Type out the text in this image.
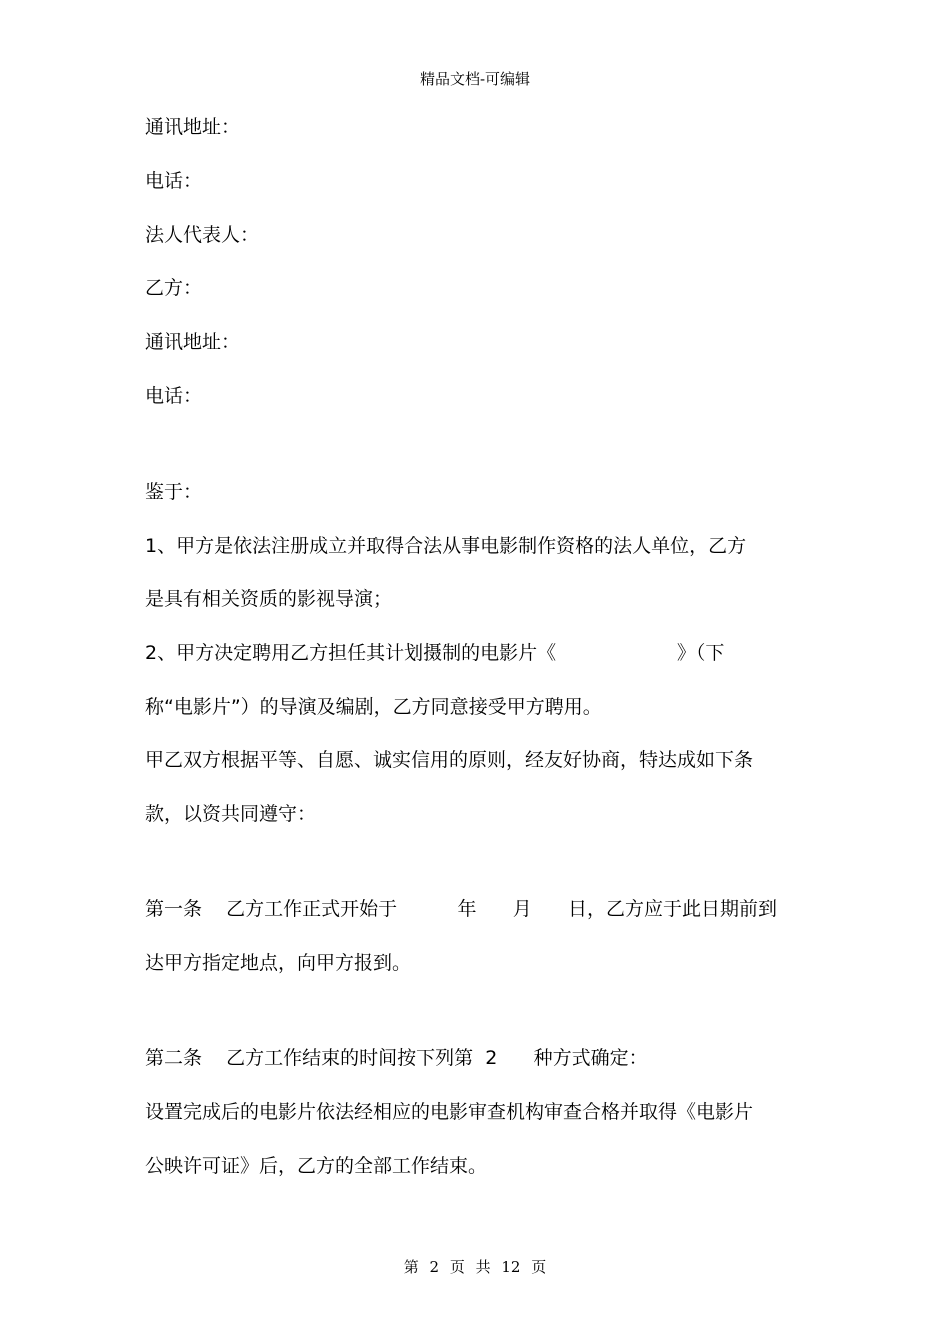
精品文档-可编辑
通讯地址：
电话：
法人代表人：
乙方：
通讯地址：
电话：
鉴于：
1、甲方是依法注册成立并取得合法从事电影制作资格的法人单位，乙方
是具有相关资质的影视导演；
2、甲方决定聘用乙方担任其计划摄制的电影片《                    》（下
称“电影片”）的导演及编剧，乙方同意接受甲方聘用。
甲乙双方根据平等、自愿、诚实信用的原则，经友好协商，特达成如下条
款，以资共同遵守：
第一条    乙方工作正式开始于          年      月      日，乙方应于此日期前到
达甲方指定地点，向甲方报到。
第二条    乙方工作结束的时间按下列第  2      种方式确定：
设置完成后的电影片依法经相应的电影审查机构审查合格并取得《电影片
公映许可证》后，乙方的全部工作结束。
第 2 页 共 12 页
